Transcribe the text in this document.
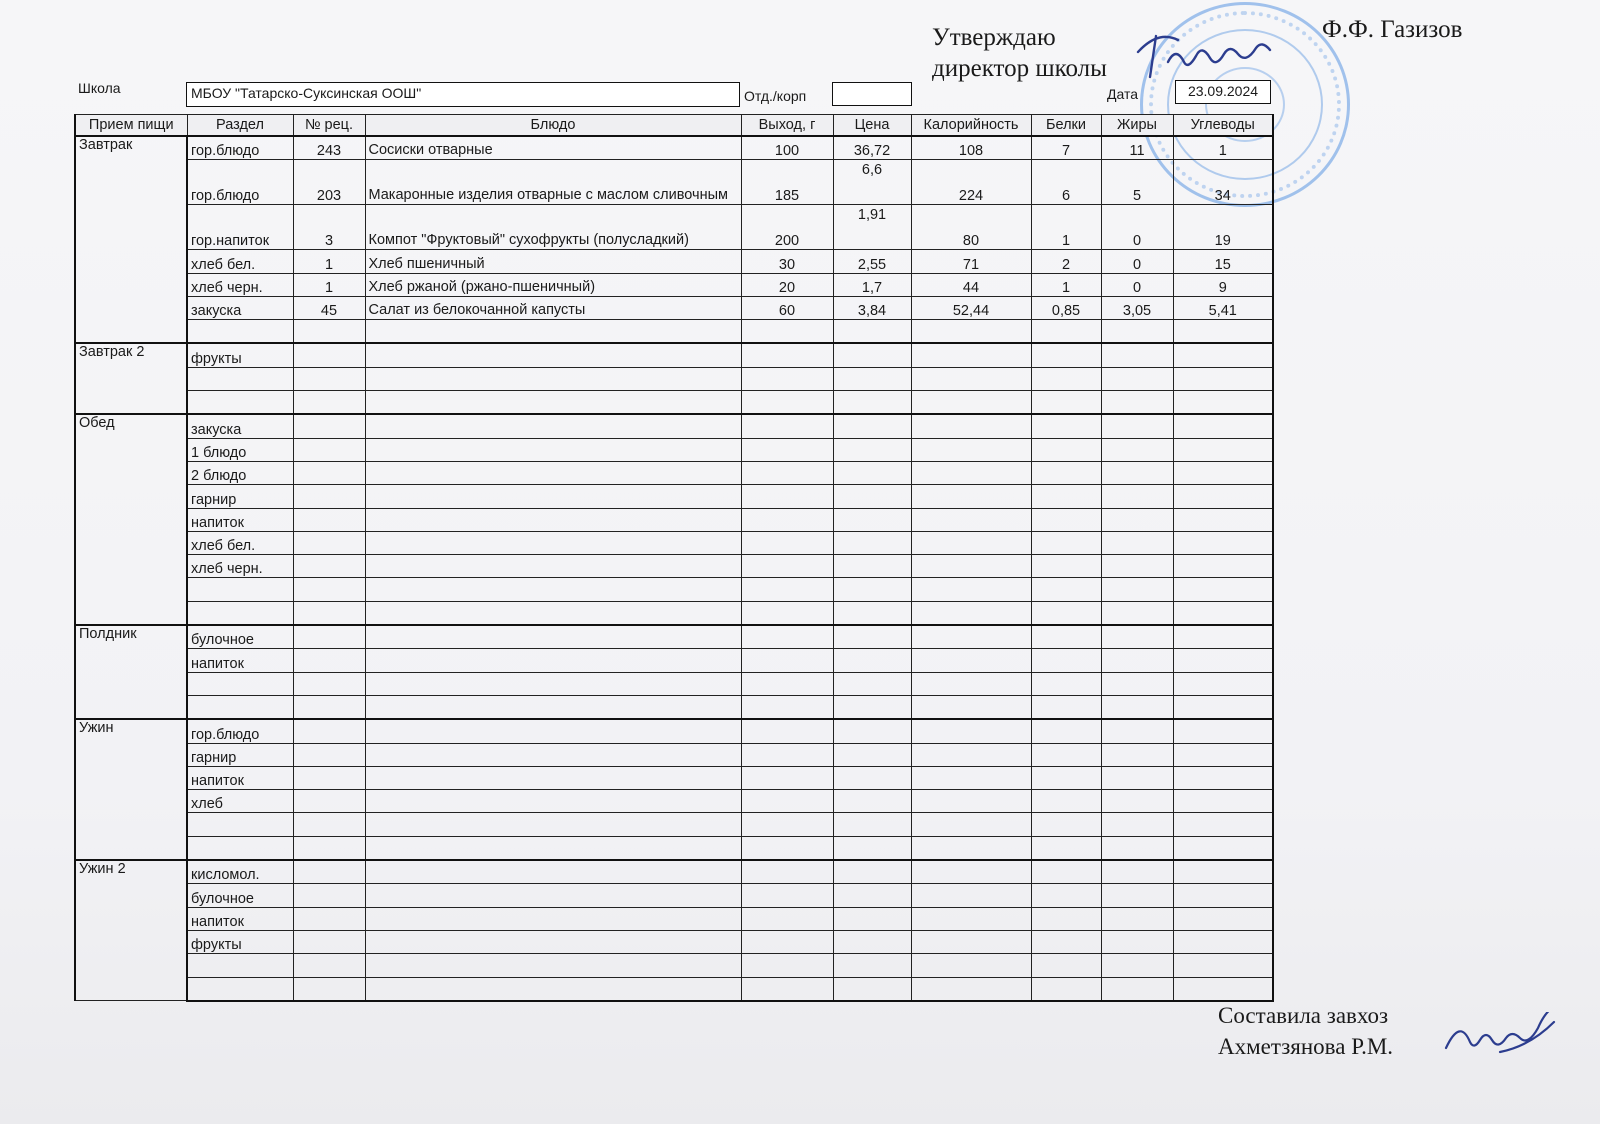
Утверждаю
директор школы
Ф.Ф. Газизов
Школа	МБОУ "Татарско-Суксинская ООШ"	Отд./корп	Дата	23.09.2024
Прием пищи	Раздел	№ рец.	Блюдо	Выход, г	Цена	Калорийность	Белки	Жиры	Углеводы
Завтрак	гор.блюдо	243	Сосиски отварные	100	36,72	108	7	11	1
	гор.блюдо	203	Макаронные изделия отварные с маслом сливочным	185	6,6	224	6	5	34
	гор.напиток	3	Компот "Фруктовый" сухофрукты (полусладкий)	200	1,91	80	1	0	19
	хлеб бел.	1	Хлеб пшеничный	30	2,55	71	2	0	15
	хлеб черн.	1	Хлеб ржаной (ржано-пшеничный)	20	1,7	44	1	0	9
	закуска	45	Салат из белокочанной капусты	60	3,84	52,44	0,85	3,05	5,41

Завтрак 2	фрукты								

Обед	закуска								
	1 блюдо								
	2 блюдо								
	гарнир								
	напиток								
	хлеб бел.								
	хлеб черн.								

Полдник	булочное								
	напиток								

Ужин	гор.блюдо								
	гарнир								
	напиток								
	хлеб								

Ужин 2	кисломол.								
	булочное								
	напиток								
	фрукты								

Составила завхоз
Ахметзянова Р.М.
